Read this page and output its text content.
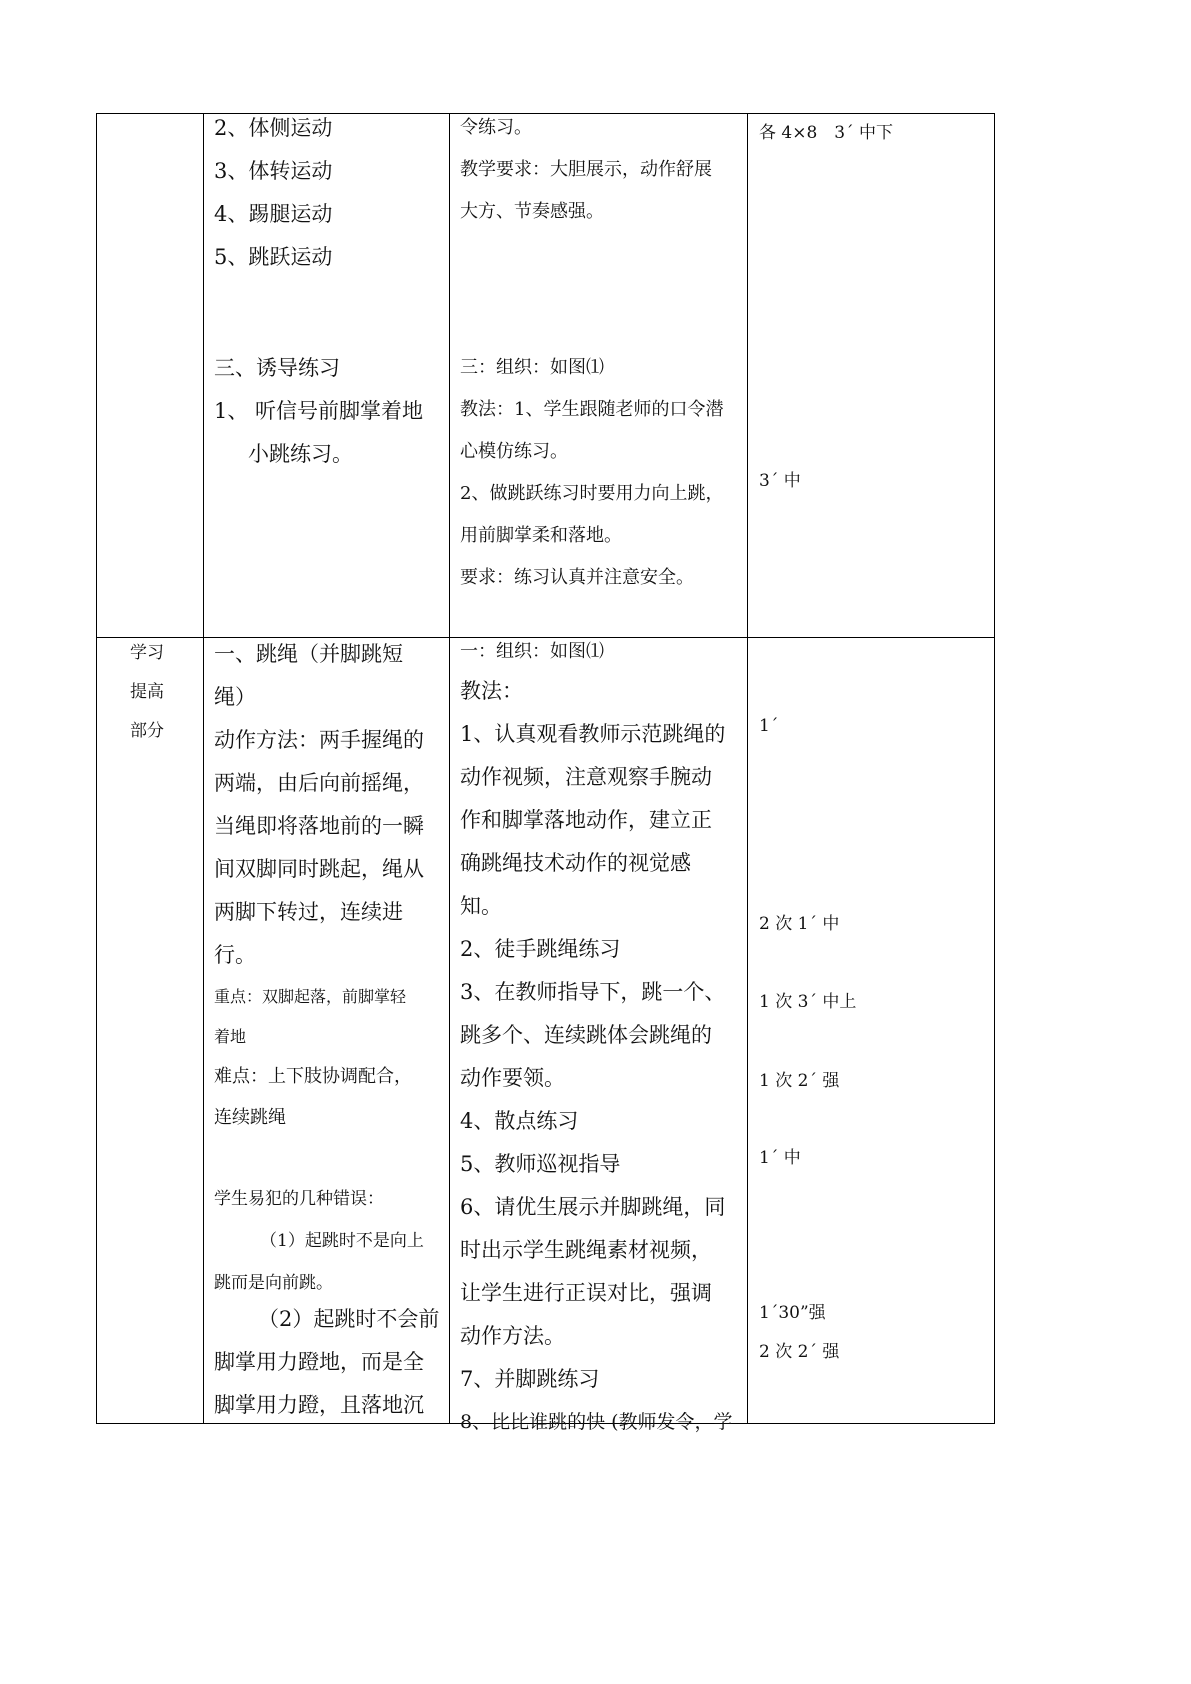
2、体侧运动
3、体转运动
4、踢腿运动
5、跳跃运动
三、诱导练习
1、 听信号前脚掌着地
小跳练习。
令练习。
教学要求：大胆展示，动作舒展
大方、节奏感强。
三：组织：如图⑴
教法：1、学生跟随老师的口令潜
心模仿练习。
2、做跳跃练习时要用力向上跳，
用前脚掌柔和落地。
要求：练习认真并注意安全。
各 4×8　3´ 中下
3´ 中
学习
提高
部分
一、跳绳（并脚跳短
绳）
动作方法：两手握绳的
两端，由后向前摇绳，
当绳即将落地前的一瞬
间双脚同时跳起，绳从
两脚下转过，连续进
行。
重点：双脚起落，前脚掌轻
着地
难点：上下肢协调配合，
连续跳绳
学生易犯的几种错误：
（1）起跳时不是向上
跳而是向前跳。
（2）起跳时不会前
脚掌用力蹬地，而是全
脚掌用力蹬，且落地沉
一：组织：如图⑴
教法：
1、认真观看教师示范跳绳的
动作视频，注意观察手腕动
作和脚掌落地动作，建立正
确跳绳技术动作的视觉感
知。
2、徒手跳绳练习
3、在教师指导下，跳一个、
跳多个、连续跳体会跳绳的
动作要领。
4、散点练习
5、教师巡视指导
6、请优生展示并脚跳绳，同
时出示学生跳绳素材视频，
让学生进行正误对比，强调
动作方法。
7、并脚跳练习
8、比比谁跳的快 (教师发令，学
1´
2 次 1´ 中
1 次 3´ 中上
1 次 2´ 强
1´ 中
1´30”强
2 次 2´ 强
